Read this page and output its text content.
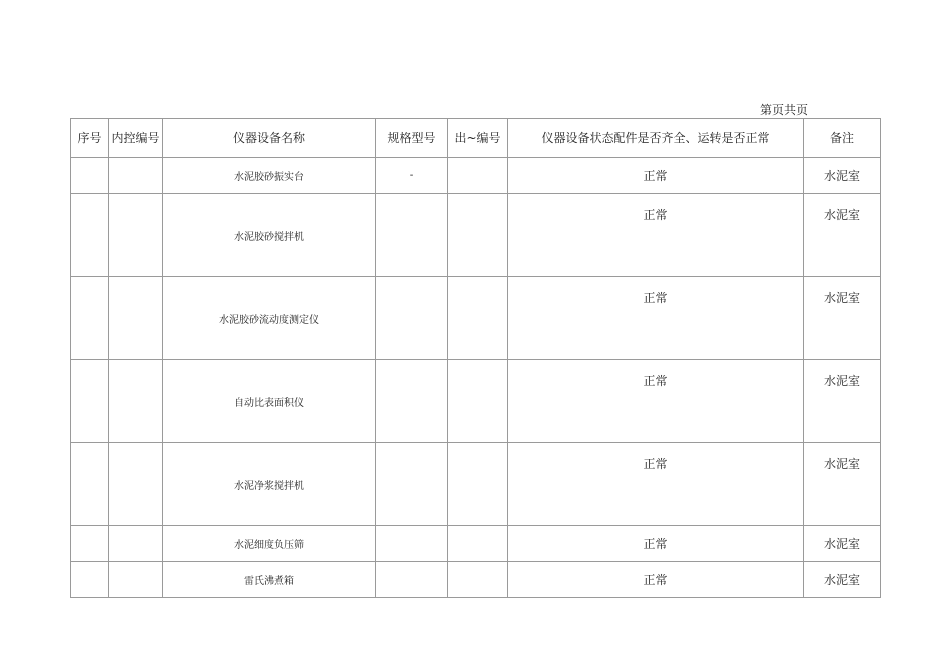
第页共页
序号	内控编号	仪器设备名称	规格型号	出~编号	仪器设备状态配件是否齐全、运转是否正常	备注
		水泥胶砂振实台	-		正常	水泥室
		水泥胶砂搅拌机			正常	水泥室
		水泥胶砂流动度测定仪			正常	水泥室
		自动比表面积仪			正常	水泥室
		水泥净浆搅拌机			正常	水泥室
		水泥细度负压筛			正常	水泥室
		雷氏沸煮箱			正常	水泥室
